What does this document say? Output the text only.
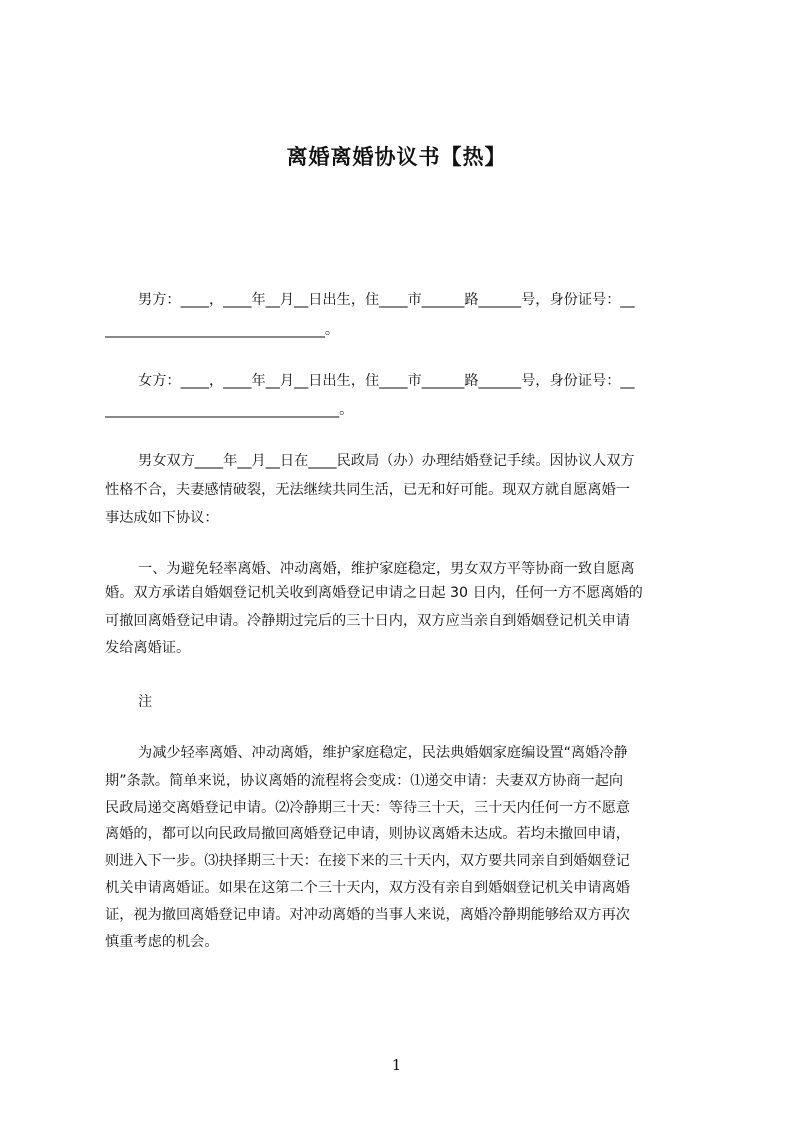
离婚离婚协议书【热】
男方：____，____年__月__日出生，住____市______路______号，身份证号：__
_______________________________。
女方：____，____年__月__日出生，住____市______路______号，身份证号：__
_________________________________。
男女双方____年__月__日在____民政局（办）办理结婚登记手续。因协议人双方
性格不合，夫妻感情破裂，无法继续共同生活，已无和好可能。现双方就自愿离婚一
事达成如下协议：
一、为避免轻率离婚、冲动离婚，维护家庭稳定，男女双方平等协商一致自愿离
婚。双方承诺自婚姻登记机关收到离婚登记申请之日起 30 日内，任何一方不愿离婚的
可撤回离婚登记申请。冷静期过完后的三十日内，双方应当亲自到婚姻登记机关申请
发给离婚证。
注
为减少轻率离婚、冲动离婚，维护家庭稳定，民法典婚姻家庭编设置“离婚冷静
期”条款。简单来说，协议离婚的流程将会变成：⑴递交申请：夫妻双方协商一起向
民政局递交离婚登记申请。⑵冷静期三十天：等待三十天，三十天内任何一方不愿意
离婚的，都可以向民政局撤回离婚登记申请，则协议离婚未达成。若均未撤回申请，
则进入下一步。⑶抉择期三十天：在接下来的三十天内，双方要共同亲自到婚姻登记
机关申请离婚证。如果在这第二个三十天内，双方没有亲自到婚姻登记机关申请离婚
证，视为撤回离婚登记申请。对冲动离婚的当事人来说，离婚冷静期能够给双方再次
慎重考虑的机会。
1
